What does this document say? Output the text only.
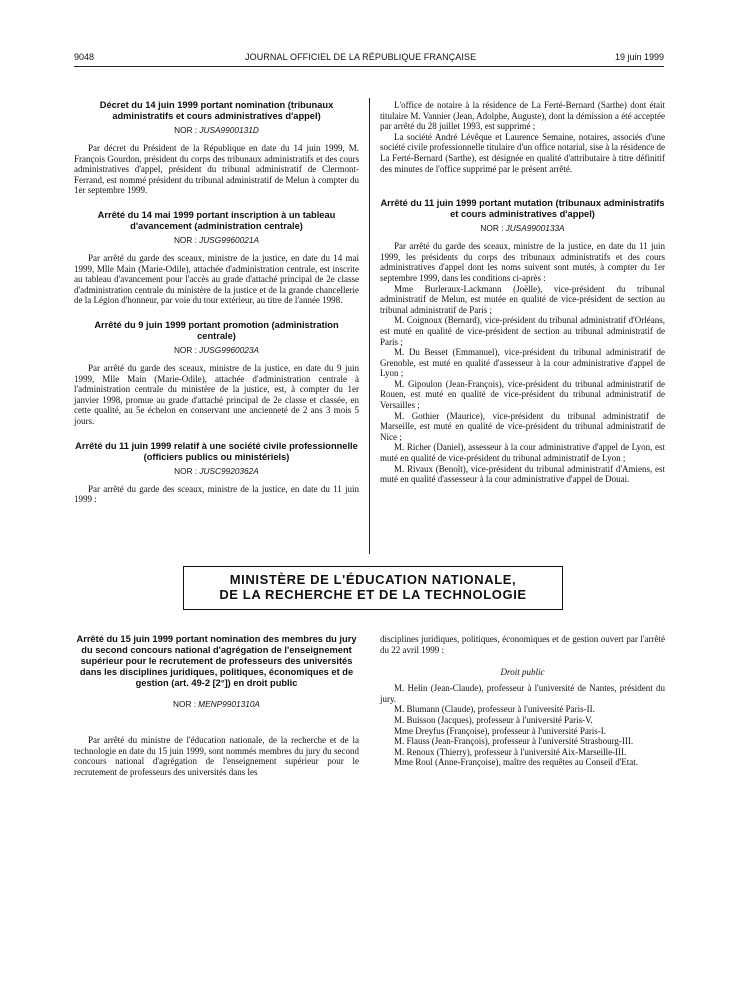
9048	JOURNAL OFFICIEL DE LA RÉPUBLIQUE FRANÇAISE	19 juin 1999
Décret du 14 juin 1999 portant nomination (tribunaux administratifs et cours administratives d'appel)
NOR : JUSA9900131D

Par décret du Président de la République en date du 14 juin 1999, M. François Gourdon, président du corps des tribunaux administratifs et des cours administratives d'appel, président du tribunal administratif de Clermont-Ferrand, est nommé président du tribunal administratif de Melun à compter du 1er septembre 1999.

Arrêté du 14 mai 1999 portant inscription à un tableau d'avancement (administration centrale)
NOR : JUSG9960021A

Par arrêté du garde des sceaux, ministre de la justice, en date du 14 mai 1999, Mlle Main (Marie-Odile), attachée d'administration centrale, est inscrite au tableau d'avancement pour l'accès au grade d'attaché principal de 2e classe d'administration centrale du ministère de la justice et de la grande chancellerie de la Légion d'honneur, par voie du tour extérieur, au titre de l'année 1998.

Arrêté du 9 juin 1999 portant promotion (administration centrale)
NOR : JUSG9960023A

Par arrêté du garde des sceaux, ministre de la justice, en date du 9 juin 1999, Mlle Main (Marie-Odile), attachée d'administration centrale à l'administration centrale du ministère de la justice, est, à compter du 1er janvier 1998, promue au grade d'attaché principal de 2e classe et classée, en cette qualité, au 5e échelon en conservant une ancienneté de 2 ans 3 mois 5 jours.

Arrêté du 11 juin 1999 relatif à une société civile professionnelle (officiers publics ou ministériels)
NOR : JUSC9920362A

Par arrêté du garde des sceaux, ministre de la justice, en date du 11 juin 1999 :

L'office de notaire à la résidence de La Ferté-Bernard (Sarthe) dont était titulaire M. Vannier (Jean, Adolphe, Auguste), dont la démission a été acceptée par arrêté du 28 juillet 1993, est supprimé ;

La société André Lévêque et Laurence Semaine, notaires, associés d'une société civile professionnelle titulaire d'un office notarial, sise à la résidence de La Ferté-Bernard (Sarthe), est désignée en qualité d'attributaire à titre définitif des minutes de l'office supprimé par le présent arrêté.

Arrêté du 11 juin 1999 portant mutation (tribunaux administratifs et cours administratives d'appel)
NOR : JUSA9900133A

Par arrêté du garde des sceaux, ministre de la justice, en date du 11 juin 1999, les présidents du corps des tribunaux administratifs et des cours administratives d'appel dont les noms suivent sont mutés, à compter du 1er septembre 1999, dans les conditions ci-après :

Mme Burleraux-Lackmann (Joëlle), vice-président du tribunal administratif de Melun, est mutée en qualité de vice-président de section au tribunal administratif de Paris ;

M. Coignoux (Bernard), vice-président du tribunal administratif d'Orléans, est muté en qualité de vice-président de section au tribunal administratif de Paris ;

M. Du Besset (Emmanuel), vice-président du tribunal administratif de Grenoble, est muté en qualité d'assesseur à la cour administrative d'appel de Lyon ;

M. Gipoulon (Jean-François), vice-président du tribunal administratif de Rouen, est muté en qualité de vice-président du tribunal administratif de Versailles ;

M. Gothier (Maurice), vice-président du tribunal administratif de Marseille, est muté en qualité de vice-président du tribunal administratif de Nice ;

M. Richer (Daniel), assesseur à la cour administrative d'appel de Lyon, est muté en qualité de vice-président du tribunal administratif de Lyon ;

M. Rivaux (Benoît), vice-président du tribunal administratif d'Amiens, est muté en qualité d'assesseur à la cour administrative d'appel de Douai.

MINISTÈRE DE L'ÉDUCATION NATIONALE,
DE LA RECHERCHE ET DE LA TECHNOLOGIE
Arrêté du 15 juin 1999 portant nomination des membres du jury du second concours national d'agrégation de l'enseignement supérieur pour le recrutement de professeurs des universités dans les disciplines juridiques, politiques, économiques et de gestion (art. 49-2 [2°]) en droit public
NOR : MENP9901310A

Par arrêté du ministre de l'éducation nationale, de la recherche et de la technologie en date du 15 juin 1999, sont nommés membres du jury du second concours national d'agrégation de l'enseignement supérieur pour le recrutement de professeurs des universités dans les

disciplines juridiques, politiques, économiques et de gestion ouvert par l'arrêté du 22 avril 1999 :

Droit public

M. Helin (Jean-Claude), professeur à l'université de Nantes, président du jury.

M. Blumann (Claude), professeur à l'université Paris-II.

M. Buisson (Jacques), professeur à l'université Paris-V.

Mme Dreyfus (Françoise), professeur à l'université Paris-I.

M. Flauss (Jean-François), professeur à l'université Strasbourg-III.

M. Renoux (Thierry), professeur à l'université Aix-Marseille-III.

Mme Roul (Anne-Françoise), maître des requêtes au Conseil d'Etat.
